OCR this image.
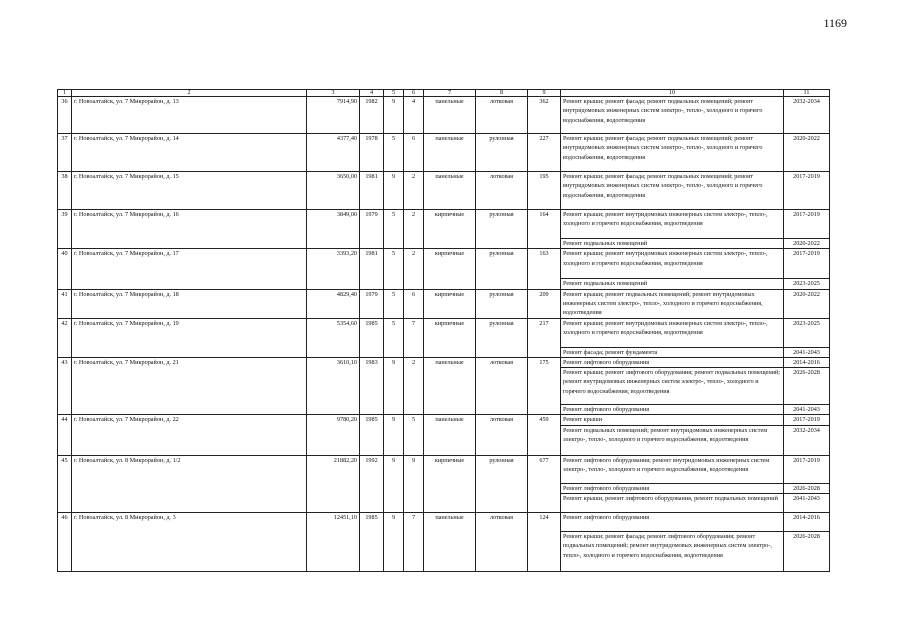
1169
1	2	3	4	5	6	7	8	9	10	11
36	г. Новоалтайск, ул. 7 Микрорайон, д. 13	7914,90	1982	9	4	панельные	лотковая	362	Ремонт крыши; ремонт фасада; ремонт подвальных помещений; ремонт внутридомовых инженерных систем электро-, тепло-, холодного и горячего водоснабжения, водоотведения	2032-2034
37	г. Новоалтайск, ул. 7 Микрорайон, д. 14	4377,40	1978	5	6	панельные	рулонная	227	Ремонт крыши; ремонт фасада; ремонт подвальных помещений; ремонт внутридомовых инженерных систем электро-, тепло-, холодного и горячего водоснабжения, водоотведения	2020-2022
38	г. Новоалтайск, ул. 7 Микрорайон, д. 15	3650,00	1981	9	2	панельные	лотковая	195	Ремонт крыши; ремонт фасада; ремонт подвальных помещений; ремонт внутридомовых инженерных систем электро-, тепло-, холодного и горячего водоснабжения, водоотведения	2017-2019
39	г. Новоалтайск, ул. 7 Микрорайон, д. 16	3849,00	1979	5	2	кирпичные	рулонная	164	Ремонт крыши; ремонт внутридомовых инженерных систем электро-, тепло-, холодного и горячего водоснабжения, водоотведения	2017-2019
									Ремонт подвальных помещений	2020-2022
40	г. Новоалтайск, ул. 7 Микрорайон, д. 17	3393,20	1981	5	2	кирпичные	рулонная	163	Ремонт крыши; ремонт внутридомовых инженерных систем электро-, тепло-, холодного и горячего водоснабжения, водоотведения	2017-2019
									Ремонт подвальных помещений	2023-2025
41	г. Новоалтайск, ул. 7 Микрорайон, д. 18	4829,40	1979	5	6	кирпичные	рулонная	209	Ремонт крыши; ремонт подвальных помещений; ремонт внутридомовых инженерных систем электро-, тепло-, холодного и горячего водоснабжения, водоотведения	2020-2022
42	г. Новоалтайск, ул. 7 Микрорайон, д. 19	5354,60	1985	5	7	кирпичные	рулонная	217	Ремонт крыши; ремонт внутридомовых инженерных систем электро-, тепло-, холодного и горячего водоснабжения, водоотведения	2023-2025
									Ремонт фасада; ремонт фундамента	2041-2043
43	г. Новоалтайск, ул. 7 Микрорайон, д. 21	3610,10	1983	9	2	панельные	лотковая	175	Ремонт лифтового оборудования	2014-2016
									Ремонт крыши; ремонт лифтового оборудования; ремонт подвальных помещений; ремонт внутридомовых инженерных систем электро-, тепло-, холодного и горячего водоснабжения, водоотведения	2026-2028
									Ремонт лифтового оборудования	2041-2043
44	г. Новоалтайск, ул. 7 Микрорайон, д. 22	9780,20	1985	9	5	панельные	лотковая	459	Ремонт крыши	2017-2019
									Ремонт подвальных помещений; ремонт внутридомовых инженерных систем электро-, тепло-, холодного и горячего водоснабжения, водоотведения	2032-2034
45	г. Новоалтайск, ул. 8 Микрорайон, д. 1/2	21882,20	1992	9	9	кирпичные	рулонная	677	Ремонт лифтового оборудования; ремонт внутридомовых инженерных систем электро-, тепло-, холодного и горячего водоснабжения, водоотведения	2017-2019
									Ремонт лифтового оборудования	2026-2028
									Ремонт крыши, ремонт лифтового оборудования, ремонт подвальных помещений	2041-2043
46	г. Новоалтайск, ул. 8 Микрорайон, д. 3	12451,10	1985	9	7	панельные	лотковая	124	Ремонт лифтового оборудования	2014-2016
									Ремонт крыши; ремонт фасада; ремонт лифтового оборудования; ремонт подвальных помещений; ремонт внутридомовых инженерных систем электро-, тепло-, холодного и горячего водоснабжения, водоотведения	2026-2028
